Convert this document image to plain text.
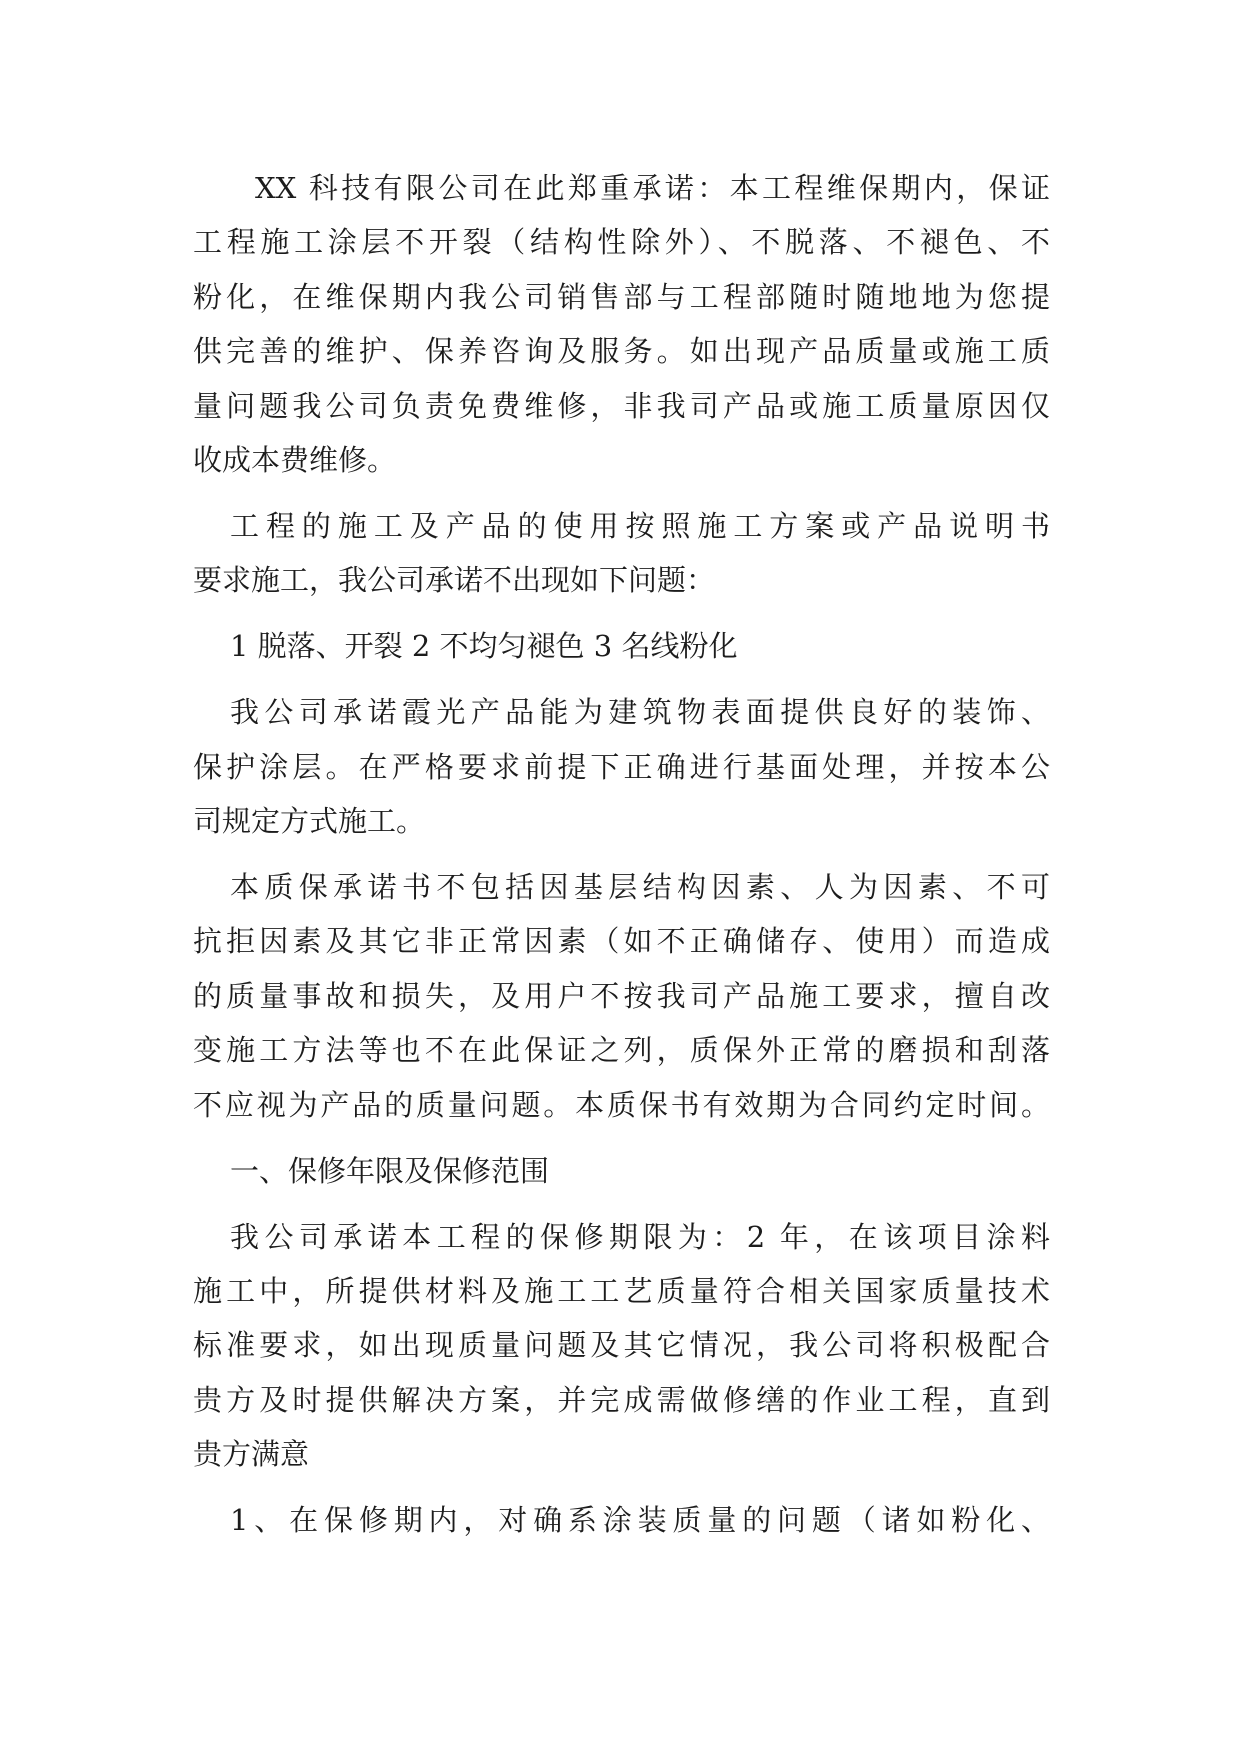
XX 科技有限公司在此郑重承诺：本工程维保期内，保证
工程施工涂层不开裂（结构性除外）、不脱落、不褪色、不
粉化，在维保期内我公司销售部与工程部随时随地地为您提
供完善的维护、保养咨询及服务。如出现产品质量或施工质
量问题我公司负责免费维修，非我司产品或施工质量原因仅
收成本费维修。
工程的施工及产品的使用按照施工方案或产品说明书
要求施工，我公司承诺不出现如下问题：
1 脱落、开裂 2 不均匀褪色 3 名线粉化
我公司承诺霞光产品能为建筑物表面提供良好的装饰、
保护涂层。在严格要求前提下正确进行基面处理，并按本公
司规定方式施工。
本质保承诺书不包括因基层结构因素、人为因素、不可
抗拒因素及其它非正常因素（如不正确储存、使用）而造成
的质量事故和损失，及用户不按我司产品施工要求，擅自改
变施工方法等也不在此保证之列，质保外正常的磨损和刮落
不应视为产品的质量问题。本质保书有效期为合同约定时间。
一、保修年限及保修范围
我公司承诺本工程的保修期限为：2 年，在该项目涂料
施工中，所提供材料及施工工艺质量符合相关国家质量技术
标准要求，如出现质量问题及其它情况，我公司将积极配合
贵方及时提供解决方案，并完成需做修缮的作业工程，直到
贵方满意
1、在保修期内，对确系涂装质量的问题（诸如粉化、
